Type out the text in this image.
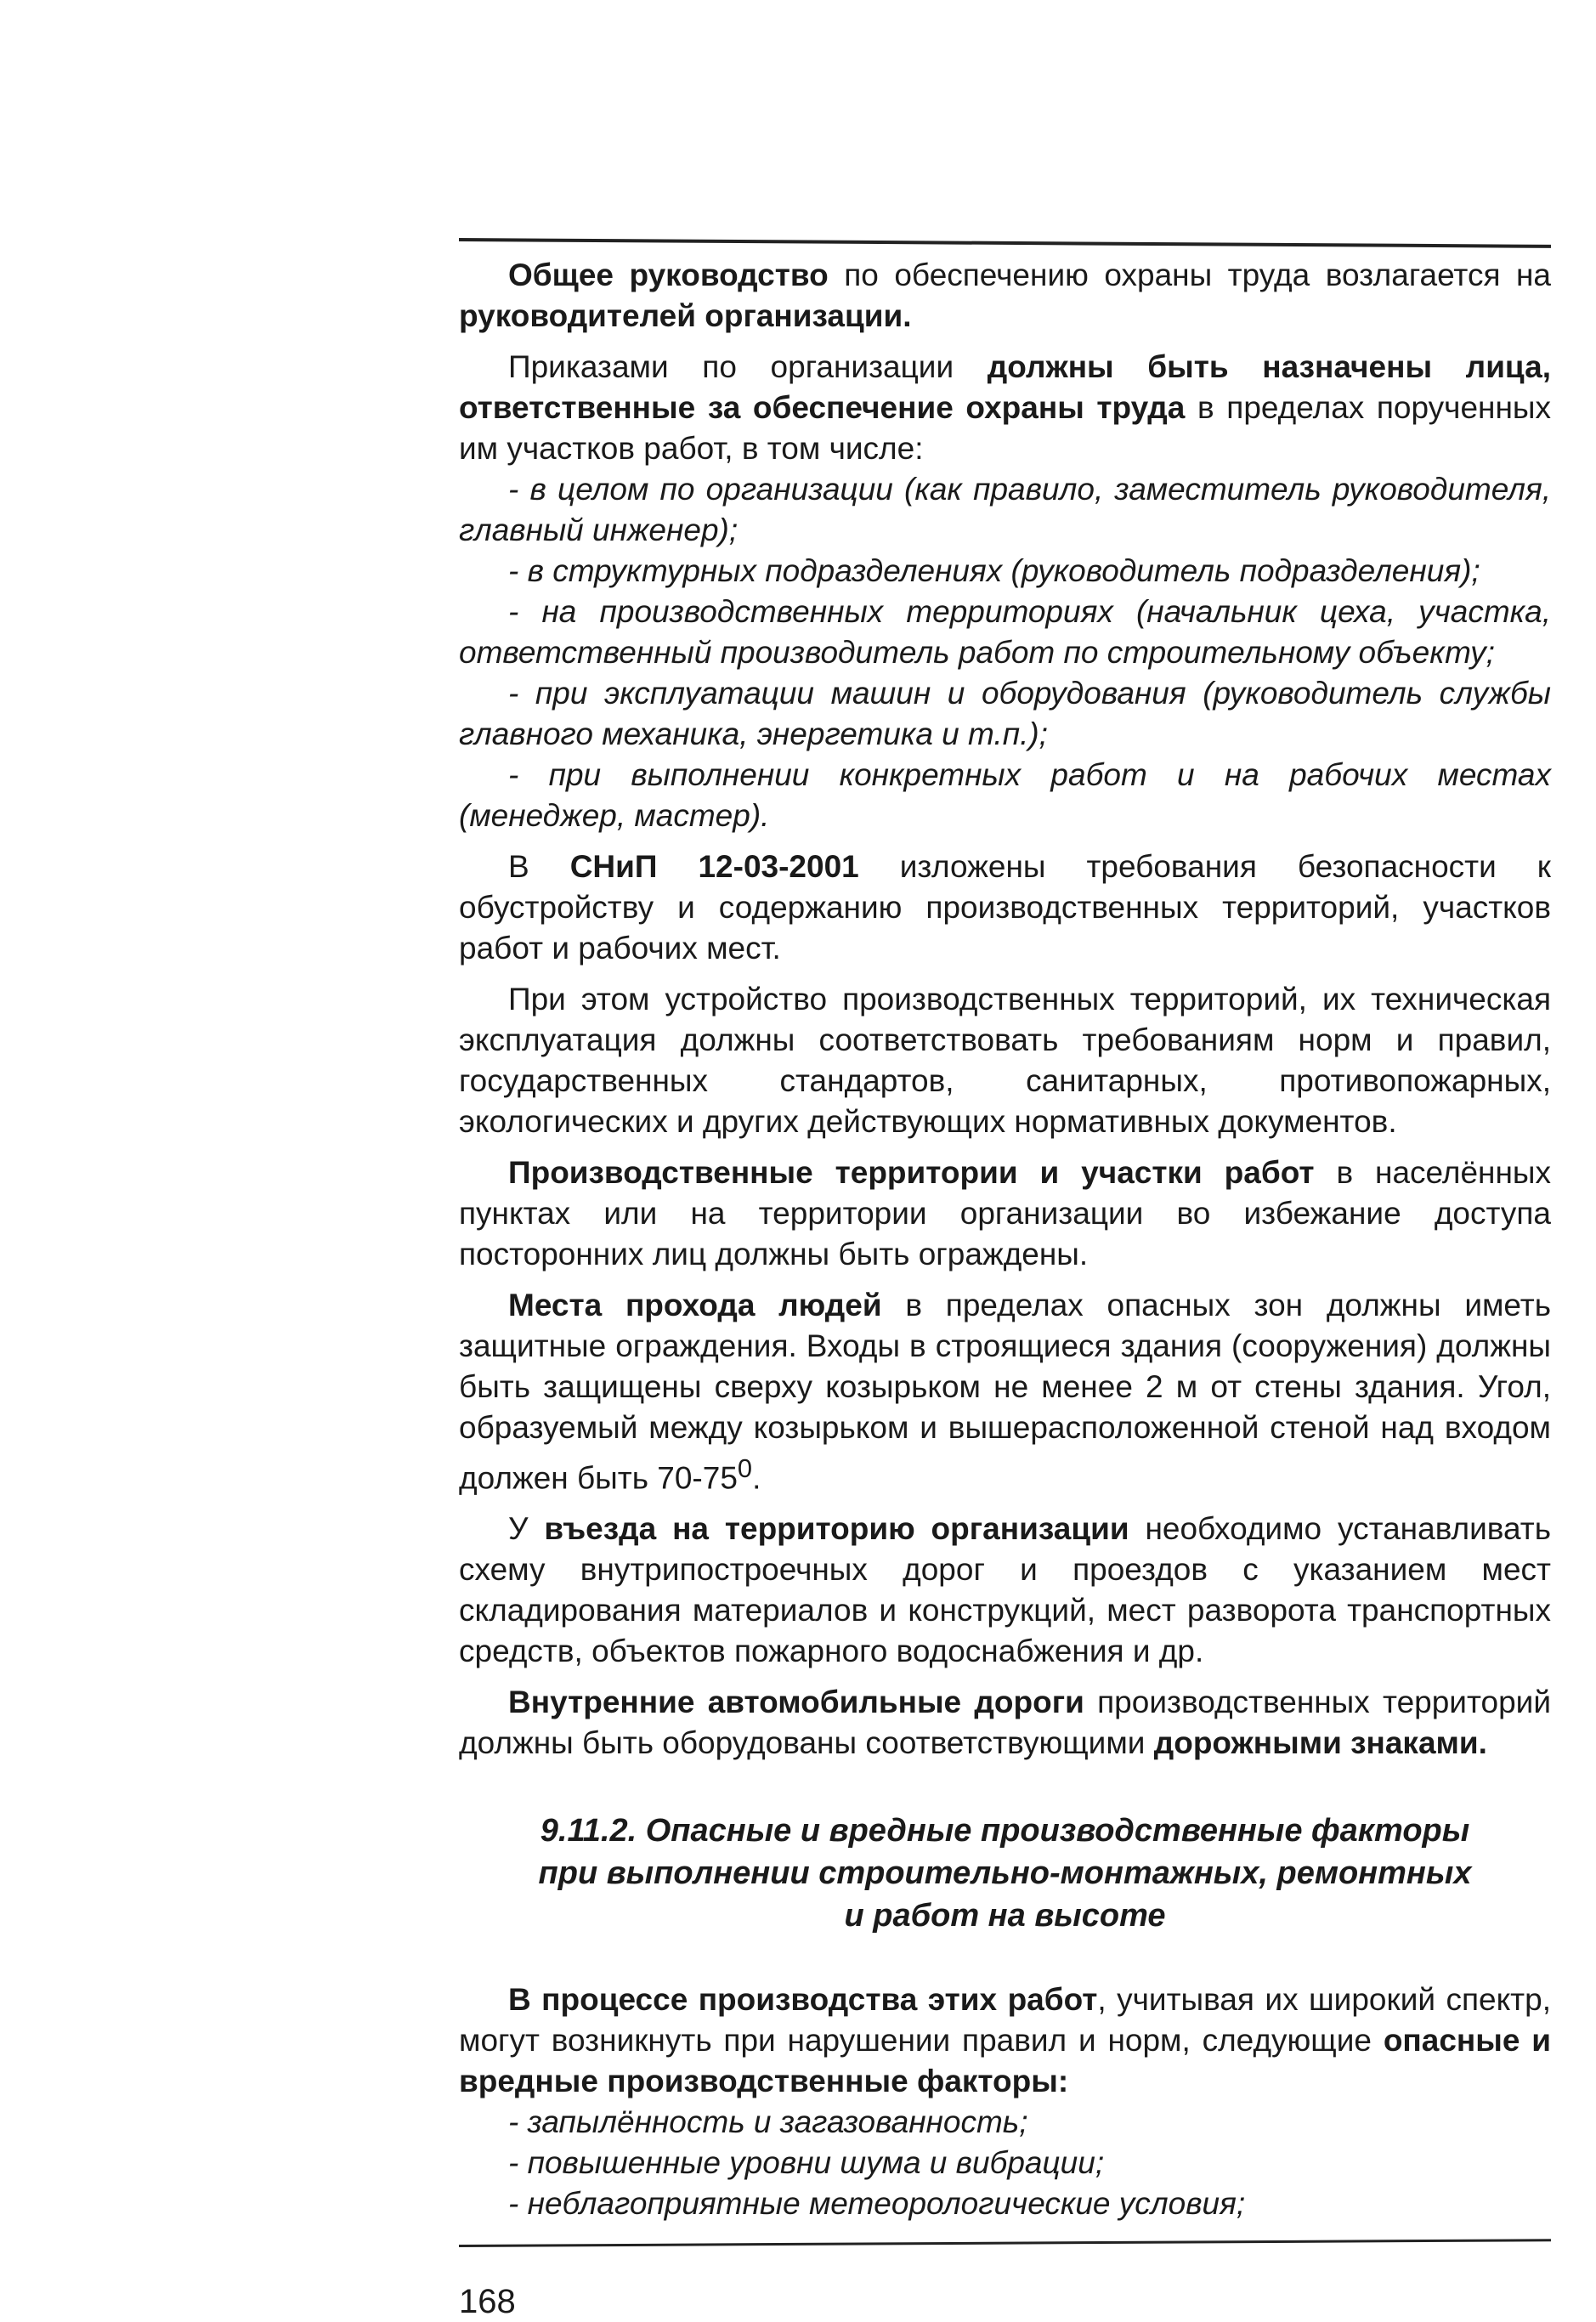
Общее руководство по обеспечению охраны труда возлагается на руководителей организации.

Приказами по организации должны быть назначены лица, ответственные за обеспечение охраны труда в пределах порученных им участков работ, в том числе:

- в целом по организации (как правило, заместитель руководителя, главный инженер);

- в структурных подразделениях (руководитель подразделения);

- на производственных территориях (начальник цеха, участка, ответственный производитель работ по строительному объекту;

- при эксплуатации машин и оборудования (руководитель службы главного механика, энергетика и т.п.);

- при выполнении конкретных работ и на рабочих местах (менеджер, мастер).

В СНиП 12-03-2001 изложены требования безопасности к обустройству и содержанию производственных территорий, участков работ и рабочих мест.

При этом устройство производственных территорий, их техническая эксплуатация должны соответствовать требованиям норм и правил, государственных стандартов, санитарных, противопожарных, экологических и других действующих нормативных документов.

Производственные территории и участки работ в населённых пунктах или на территории организации во избежание доступа посторонних лиц должны быть ограждены.

Места прохода людей в пределах опасных зон должны иметь защитные ограждения. Входы в строящиеся здания (сооружения) должны быть защищены сверху козырьком не менее 2 м от стены здания. Угол, образуемый между козырьком и вышерасположенной стеной над входом должен быть $70-75^0$.

У въезда на территорию организации необходимо устанавливать схему внутрипостроечных дорог и проездов с указанием мест складирования материалов и конструкций, мест разворота транспортных средств, объектов пожарного водоснабжения и др.

Внутренние автомобильные дороги производственных территорий должны быть оборудованы соответствующими дорожными знаками.

9.11.2. Опасные и вредные производственные факторы
при выполнении строительно-монтажных, ремонтных
и работ на высоте

В процессе производства этих работ, учитывая их широкий спектр, могут возникнуть при нарушении правил и норм, следующие опасные и вредные производственные факторы:

- запылённость и загазованность;

- повышенные уровни шума и вибрации;

- неблагоприятные метеорологические условия;

168
